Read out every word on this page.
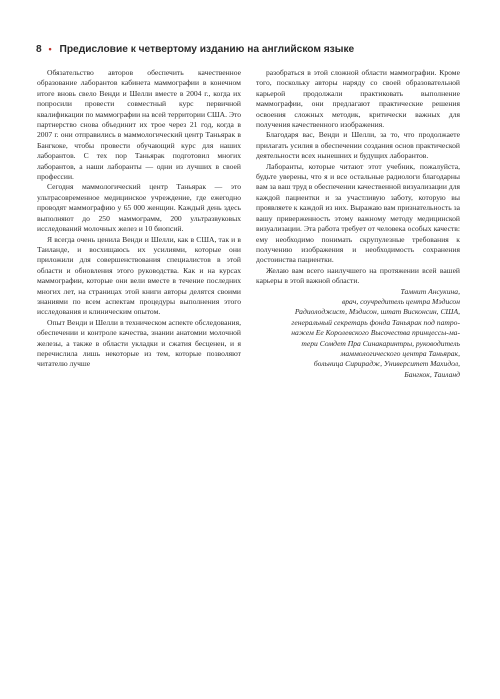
8 • Предисловие к четвертому изданию на английском языке

Обязательство авторов обеспечить качественное образование лаборантов кабинета маммографии в конечном итоге вновь свело Венди и Шелли вместе в 2004 г., когда их попросили провести совместный курс первичной квалификации по маммографии на всей территории США. Это партнерство снова объединит их трое через 21 год, когда в 2007 г. они отправились в маммологический центр Таньярак в Бангкоке, чтобы провести обучающий курс для наших лаборантов. С тех пор Таньярак подготовил многих лаборантов, а наши лаборанты — одни из лучших в своей профессии.

Сегодня маммологический центр Таньярак — это ультрасовременное медицинское учреждение, где ежегодно проводят маммографию у 65 000 женщин. Каждый день здесь выполняют до 250 маммограмм, 200 ультразвуковых исследований молочных желез и 10 биопсий.

Я всегда очень ценила Венди и Шелли, как в США, так и в Таиланде, и восхищаюсь их усилиями, которые они приложили для совершенствования специалистов в этой области и обновления этого руководства. Как и на курсах маммографии, которые они вели вместе в течение последних многих лет, на страницах этой книги авторы делятся своими знаниями по всем аспектам процедуры выполнения этого исследования и клиническим опытом.

Опыт Венди и Шелли в техническом аспекте обследования, обеспечении и контроле качества, знании анатомии молочной железы, а также в области укладки и сжатия бесценен, и я перечислила лишь некоторые из тем, которые позволяют читателю лучше

разобраться в этой сложной области маммографии. Кроме того, поскольку авторы наряду со своей образовательной карьерой продолжали практиковать выполнение маммографии, они предлагают практические решения освоения сложных методик, критически важных для получения качественного изображения.

Благодаря вас, Венди и Шелли, за то, что продолжаете прилагать усилия в обеспечении создания основ практической деятельности всех нынешних и будущих лаборантов.

Лаборанты, которые читают этот учебник, пожалуйста, будьте уверены, что я и все остальные радиологи благодарны вам за ваш труд в обеспечении качественной визуализации для каждой пациентки и за участливую заботу, которую вы проявляете к каждой из них. Выражаю вам признательность за вашу приверженность этому важному методу медицинской визуализации. Эта работа требует от человека особых качеств: ему необходимо понимать скрупулезные требования к получению изображения и необходимость сохранения достоинства пациентки.

Желаю вам всего наилучшего на протяжении всей вашей карьеры в этой важной области.

Тамнит Ансукина,

врач, соучредитель центра Мэдисон

Радиолоджист, Мэдисон, штат Висконсин, США,

генеральный секретарь фонда Таньярак под патро-

нажем Ее Королевского Высочества принцессы-ма-

тери Сомдет Пра Синакаринтры, руководитель

маммологического центра Таньярак,

больница Сирирадж, Университет Махидол,

Бангкок, Таиланд
